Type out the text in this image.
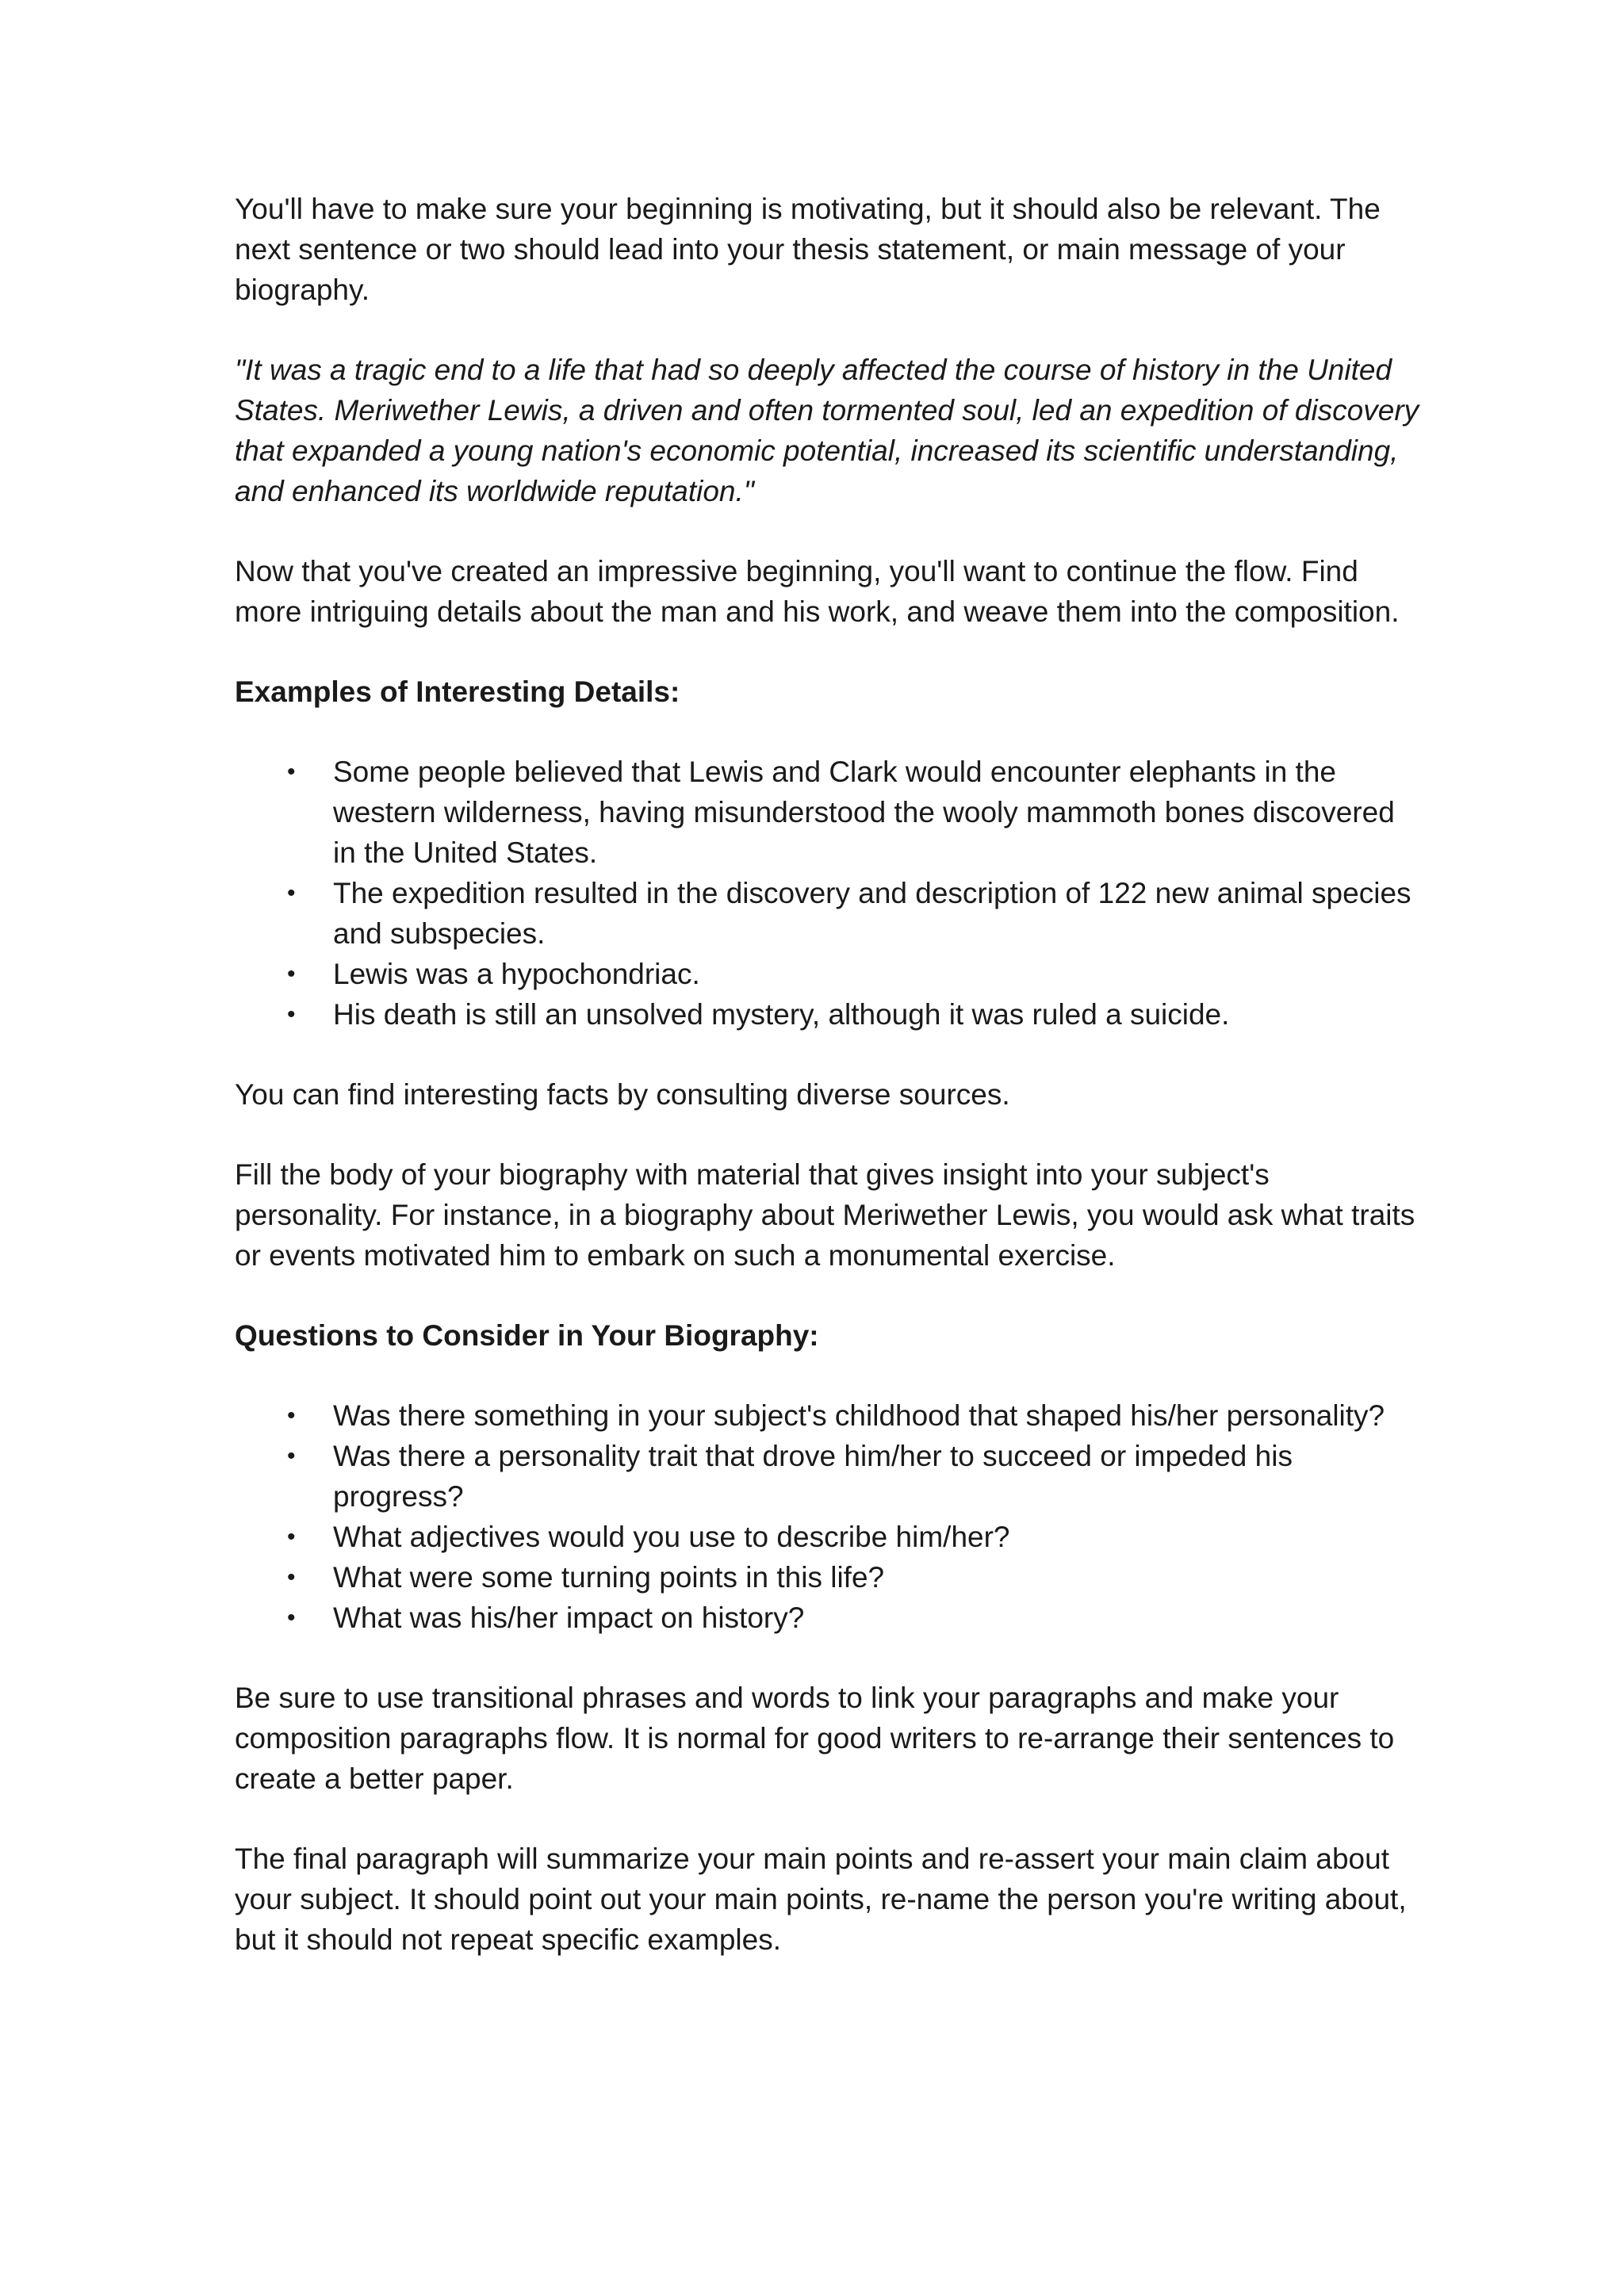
You'll have to make sure your beginning is motivating, but it should also be relevant. The next sentence or two should lead into your thesis statement, or main message of your biography.

"It was a tragic end to a life that had so deeply affected the course of history in the United States. Meriwether Lewis, a driven and often tormented soul, led an expedition of discovery that expanded a young nation's economic potential, increased its scientific understanding, and enhanced its worldwide reputation."

Now that you've created an impressive beginning, you'll want to continue the flow. Find more intriguing details about the man and his work, and weave them into the composition.

Examples of Interesting Details:

• Some people believed that Lewis and Clark would encounter elephants in the western wilderness, having misunderstood the wooly mammoth bones discovered in the United States.
• The expedition resulted in the discovery and description of 122 new animal species and subspecies.
• Lewis was a hypochondriac.
• His death is still an unsolved mystery, although it was ruled a suicide.

You can find interesting facts by consulting diverse sources.

Fill the body of your biography with material that gives insight into your subject's personality. For instance, in a biography about Meriwether Lewis, you would ask what traits or events motivated him to embark on such a monumental exercise.

Questions to Consider in Your Biography:

• Was there something in your subject's childhood that shaped his/her personality?
• Was there a personality trait that drove him/her to succeed or impeded his progress?
• What adjectives would you use to describe him/her?
• What were some turning points in this life?
• What was his/her impact on history?

Be sure to use transitional phrases and words to link your paragraphs and make your composition paragraphs flow. It is normal for good writers to re-arrange their sentences to create a better paper.

The final paragraph will summarize your main points and re-assert your main claim about your subject. It should point out your main points, re-name the person you're writing about, but it should not repeat specific examples.
